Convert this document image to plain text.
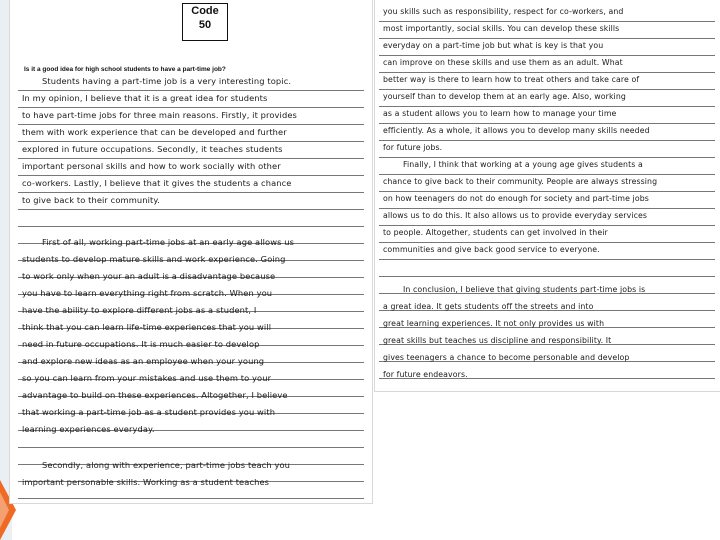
Code
50
Is it a good idea for high school students to have a part-time job?
Students having a part-time job is a very interesting topic.
In my opinion, I believe that it is a great idea for students
to have part-time jobs for three main reasons. Firstly, it provides
them with work experience that can be developed and further
explored in future occupations. Secondly, it teaches students
important personal skills and how to work socially with other
co-workers. Lastly, I believe that it gives the students a chance
to give back to their community.
First of all, working part-time jobs at an early age allows us
students to develop mature skills and work experience. Going
to work only when your an adult is a disadvantage because
you have to learn everything right from scratch. When you
have the ability to explore different jobs as a student, I
think that you can learn life-time experiences that you will
need in future occupations. It is much easier to develop
and explore new ideas as an employee when your young
so you can learn from your mistakes and use them to your
advantage to build on these experiences. Altogether, I believe
that working a part-time job as a student provides you with
learning experiences everyday.
Secondly, along with experience, part-time jobs teach you
important personable skills. Working as a student teaches
you skills such as responsibility, respect for co-workers, and
most importantly, social skills. You can develop these skills
everyday on a part-time job but what is key is that you
can improve on these skills and use them as an adult. What
better way is there to learn how to treat others and take care of
yourself than to develop them at an early age. Also, working
as a student allows you to learn how to manage your time
efficiently. As a whole, it allows you to develop many skills needed
for future jobs.
Finally, I think that working at a young age gives students a
chance to give back to their community. People are always stressing
on how teenagers do not do enough for society and part-time jobs
allows us to do this. It also allows us to provide everyday services
to people. Altogether, students can get involved in their
communities and give back good service to everyone.
In conclusion, I believe that giving students part-time jobs is
a great idea. It gets students off the streets and into
great learning experiences. It not only provides us with
great skills but teaches us discipline and responsibility. It
gives teenagers a chance to become personable and develop
for future endeavors.
